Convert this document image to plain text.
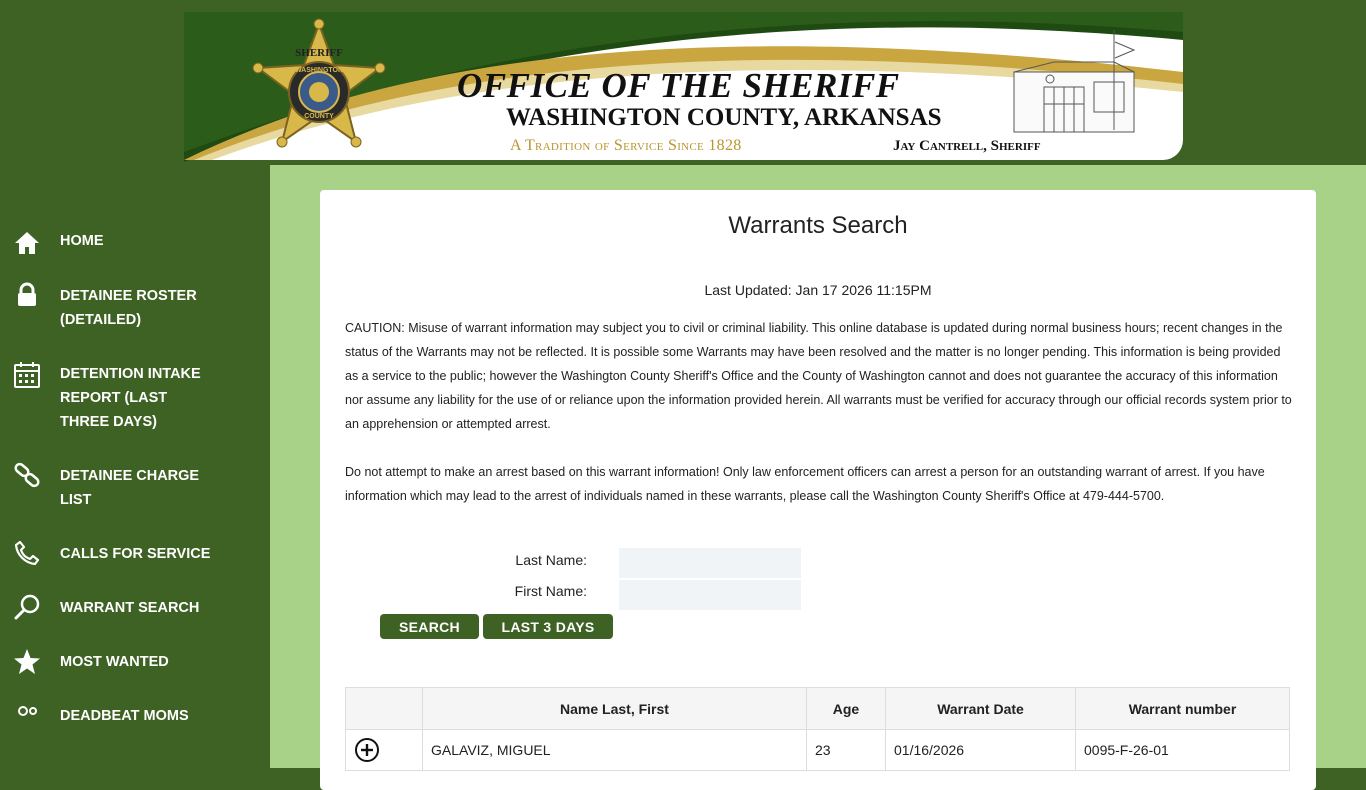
SHERIFF
WASHINGTON
COUNTY
OFFICE OF THE SHERIFF
WASHINGTON COUNTY, ARKANSAS
A Tradition of Service Since 1828	Jay Cantrell, Sheriff
HOME
DETAINEE ROSTER (DETAILED)
DETENTION INTAKE REPORT (LAST THREE DAYS)
DETAINEE CHARGE LIST
CALLS FOR SERVICE
WARRANT SEARCH
MOST WANTED
DEADBEAT MOMS
Warrants Search
Last Updated: Jan 17 2026 11:15PM

CAUTION: Misuse of warrant information may subject you to civil or criminal liability. This online database is updated during normal business hours; recent changes in the status of the Warrants may not be reflected. It is possible some Warrants may have been resolved and the matter is no longer pending. This information is being provided as a service to the public; however the Washington County Sheriff's Office and the County of Washington cannot and does not guarantee the accuracy of this information nor assume any liability for the use of or reliance upon the information provided herein. All warrants must be verified for accuracy through our official records system prior to an apprehension or attempted arrest.

Do not attempt to make an arrest based on this warrant information! Only law enforcement officers can arrest a person for an outstanding warrant of arrest. If you have information which may lead to the arrest of individuals named in these warrants, please call the Washington County Sheriff's Office at 479-444-5700.

Last Name:
First Name:
SEARCH	LAST 3 DAYS
	Name Last, First	Age	Warrant Date	Warrant number

	GALAVIZ, MIGUEL	23	01/16/2026	0095-F-26-01
